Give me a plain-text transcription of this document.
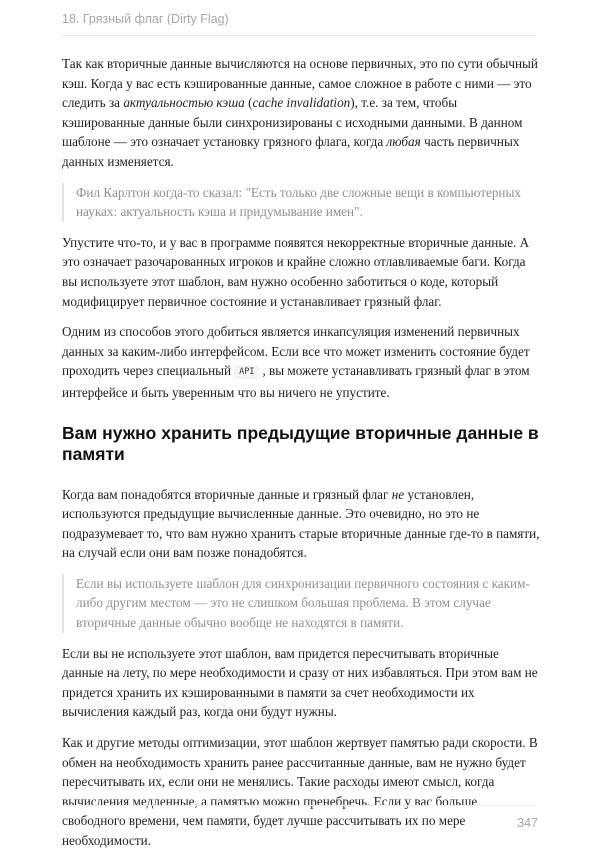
18. Грязный флаг (Dirty Flag)

Так как вторичные данные вычисляются на основе первичных, это по сути обычный кэш. Когда у вас есть кэшированные данные, самое сложное в работе с ними — это следить за актуальностью кэша (cache invalidation), т.е. за тем, чтобы кэшированные данные были синхронизированы с исходными данными. В данном шаблоне — это означает установку грязного флага, когда любая часть первичных данных изменяется.

Фил Карлтон когда-то сказал: "Есть только две сложные вещи в компьютерных науках: актуальность кэша и придумывание имен".

Упустите что-то, и у вас в программе появятся некорректные вторичные данные. А это означает разочарованных игроков и крайне сложно отлавливаемые баги. Когда вы используете этот шаблон, вам нужно особенно заботиться о коде, который модифицирует первичное состояние и устанавливает грязный флаг.

Одним из способов этого добиться является инкапсуляция изменений первичных данных за каким-либо интерфейсом. Если все что может изменить состояние будет проходить через специальный API , вы можете устанавливать грязный флаг в этом интерфейсе и быть уверенным что вы ничего не упустите.

Вам нужно хранить предыдущие вторичные данные в памяти

Когда вам понадобятся вторичные данные и грязный флаг не установлен, используются предыдущие вычисленные данные. Это очевидно, но это не подразумевает то, что вам нужно хранить старые вторичные данные где-то в памяти, на случай если они вам позже понадобятся.

Если вы используете шаблон для синхронизации первичного состояния с каким-либо другим местом — это не слишком большая проблема. В этом случае вторичные данные обычно вообще не находятся в памяти.

Если вы не используете этот шаблон, вам придется пересчитывать вторичные данные на лету, по мере необходимости и сразу от них избавляться. При этом вам не придется хранить их кэшированными в памяти за счет необходимости их вычисления каждый раз, когда они будут нужны.

Как и другие методы оптимизации, этот шаблон жертвует памятью ради скорости. В обмен на необходимость хранить ранее рассчитанные данные, вам не нужно будет пересчитывать их, если они не менялись. Такие расходы имеют смысл, когда вычисления медленные, а памятью можно пренебречь. Если у вас больше свободного времени, чем памяти, будет лучше рассчитывать их по мере необходимости.

347
